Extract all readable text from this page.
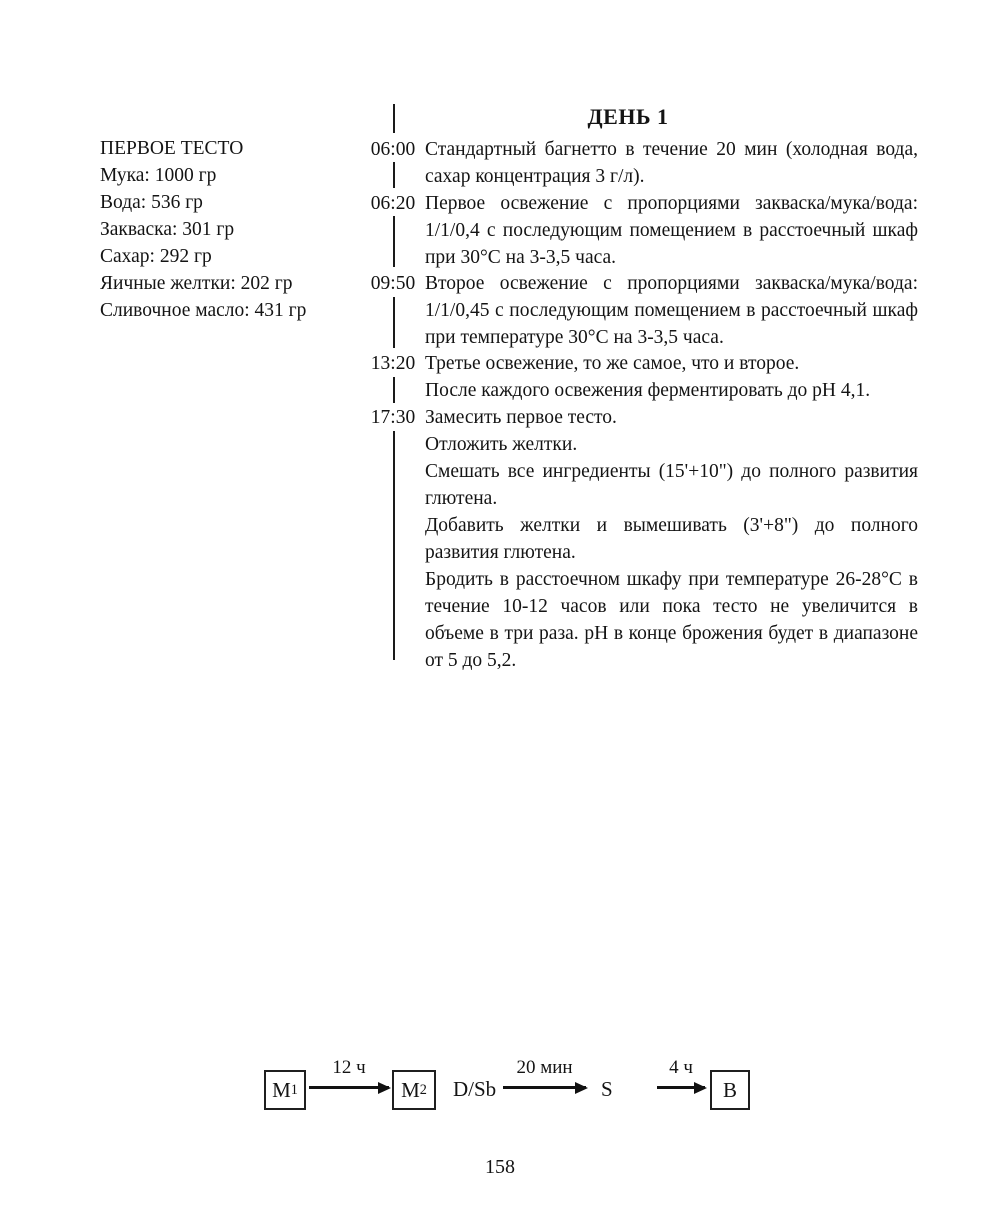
ДЕНЬ 1
ПЕРВОЕ ТЕСТО
Мука: 1000 гр
Вода: 536 гр
Закваска: 301 гр
Сахар: 292 гр
Яичные желтки: 202 гр
Сливочное масло: 431 гр
06:00 Стандартный багнетто в течение 20 мин (холодная вода, сахар концентрация 3 г/л).

06:20 Первое освежение с пропорциями закваска/мука/вода: 1/1/0,4 с последующим помещением в расстоечный шкаф при 30°С на 3-3,5 часа.

09:50 Второе освежение с пропорциями закваска/мука/вода: 1/1/0,45 с последующим помещением в расстоечный шкаф при температуре 30°С на 3-3,5 часа.

13:20 Третье освежение, то же самое, что и второе.

После каждого освежения ферментировать до pH 4,1.

17:30 Замесить первое тесто.

Отложить желтки.

Смешать все ингредиенты (15'+10") до полного развития глютена.

Добавить желтки и вымешивать (3'+8") до полного развития глютена.

Бродить в расстоечном шкафу при температуре 26-28°С в течение 10-12 часов или пока тесто не увеличится в объеме в три раза. pH в конце брожения будет в диапазоне от 5 до 5,2.

M 1
12 ч
M 2 D/Sb
20 мин
S
4 ч
B
158
